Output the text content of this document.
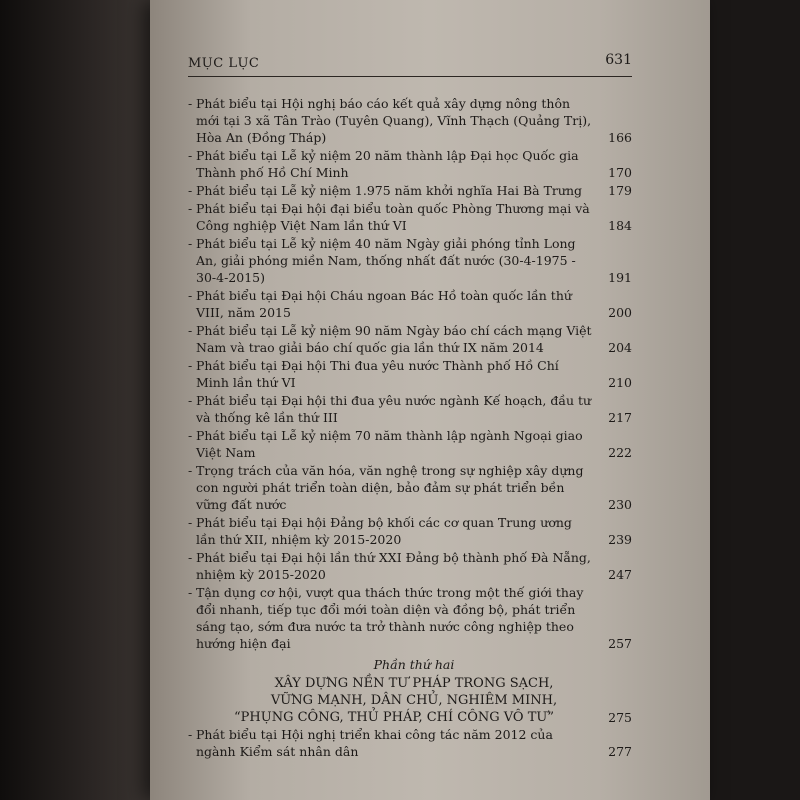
MỤC LỤC	631
- Phát biểu tại Hội nghị báo cáo kết quả xây dựng nông thôn mới tại 3 xã Tân Trào (Tuyên Quang), Vĩnh Thạch (Quảng Trị), Hòa An (Đồng Tháp)	166
- Phát biểu tại Lễ kỷ niệm 20 năm thành lập Đại học Quốc gia Thành phố Hồ Chí Minh	170
- Phát biểu tại Lễ kỷ niệm 1.975 năm khởi nghĩa Hai Bà Trưng	179
- Phát biểu tại Đại hội đại biểu toàn quốc Phòng Thương mại và Công nghiệp Việt Nam lần thứ VI	184
- Phát biểu tại Lễ kỷ niệm 40 năm Ngày giải phóng tỉnh Long An, giải phóng miền Nam, thống nhất đất nước (30-4-1975 - 30-4-2015)	191
- Phát biểu tại Đại hội Cháu ngoan Bác Hồ toàn quốc lần thứ VIII, năm 2015	200
- Phát biểu tại Lễ kỷ niệm 90 năm Ngày báo chí cách mạng Việt Nam và trao giải báo chí quốc gia lần thứ IX năm 2014	204
- Phát biểu tại Đại hội Thi đua yêu nước Thành phố Hồ Chí Minh lần thứ VI	210
- Phát biểu tại Đại hội thi đua yêu nước ngành Kế hoạch, đầu tư và thống kê lần thứ III	217
- Phát biểu tại Lễ kỷ niệm 70 năm thành lập ngành Ngoại giao Việt Nam	222
- Trọng trách của văn hóa, văn nghệ trong sự nghiệp xây dựng con người phát triển toàn diện, bảo đảm sự phát triển bền vững đất nước	230
- Phát biểu tại Đại hội Đảng bộ khối các cơ quan Trung ương lần thứ XII, nhiệm kỳ 2015-2020	239
- Phát biểu tại Đại hội lần thứ XXI Đảng bộ thành phố Đà Nẵng, nhiệm kỳ 2015-2020	247
- Tận dụng cơ hội, vượt qua thách thức trong một thế giới thay đổi nhanh, tiếp tục đổi mới toàn diện và đồng bộ, phát triển sáng tạo, sớm đưa nước ta trở thành nước công nghiệp theo hướng hiện đại	257
Phần thứ hai
XÂY DỰNG NỀN TƯ PHÁP TRONG SẠCH,
VỮNG MẠNH, DÂN CHỦ, NGHIÊM MINH,
“PHỤNG CÔNG, THỦ PHÁP, CHÍ CÔNG VÔ TƯ”	275
- Phát biểu tại Hội nghị triển khai công tác năm 2012 của ngành Kiểm sát nhân dân	277
